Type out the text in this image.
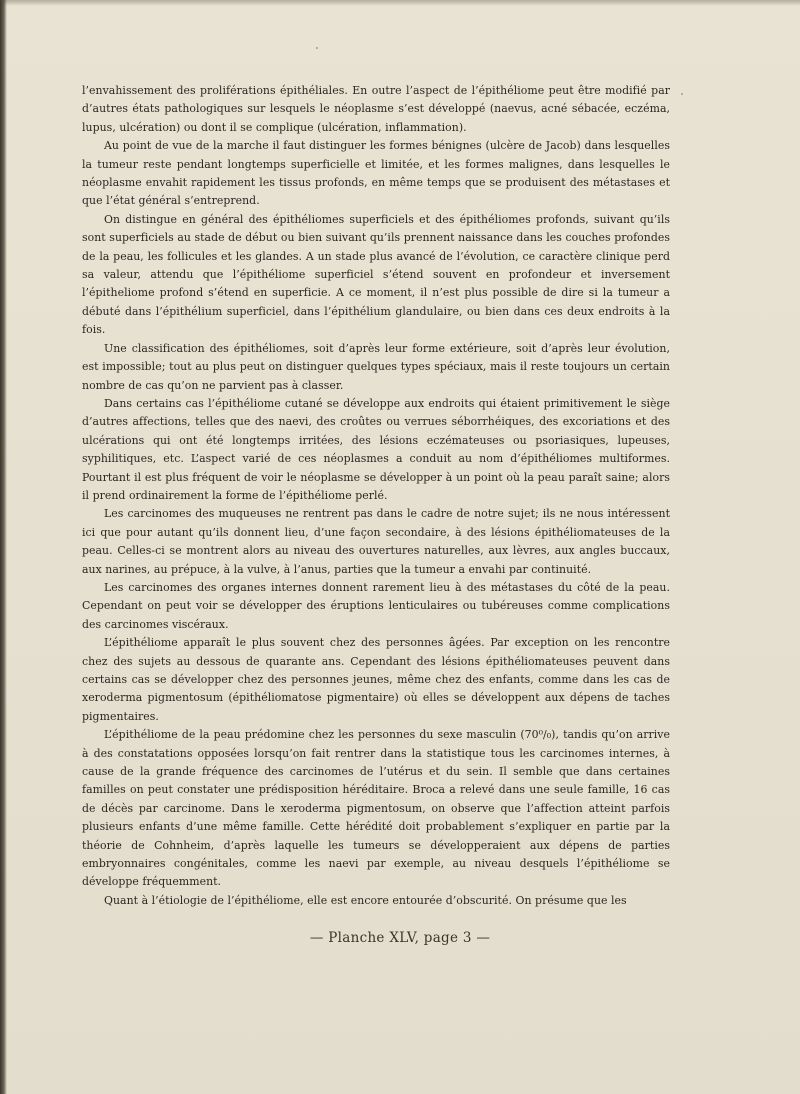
l’envahissement des proliférations épithéliales. En outre l’aspect de l’épithéliome peut être modifié par d’autres états pathologiques sur lesquels le néoplasme s’est développé (naevus, acné sébacée, eczéma, lupus, ulcération) ou dont il se complique (ulcération, inflammation).

Au point de vue de la marche il faut distinguer les formes bénignes (ulcère de Jacob) dans lesquelles la tumeur reste pendant longtemps superficielle et limitée, et les formes malignes, dans lesquelles le néoplasme envahit rapidement les tissus profonds, en même temps que se produisent des métastases et que l’état général s’entreprend.

On distingue en général des épithéliomes superficiels et des épithéliomes profonds, suivant qu’ils sont superficiels au stade de début ou bien suivant qu’ils prennent naissance dans les couches profondes de la peau, les follicules et les glandes. A un stade plus avancé de l’évolution, ce caractère clinique perd sa valeur, attendu que l’épithéliome superficiel s’étend souvent en profondeur et inversement l’épitheliome profond s’étend en superficie. A ce moment, il n’est plus possible de dire si la tumeur a débuté dans l’épithélium superficiel, dans l’épithélium glandulaire, ou bien dans ces deux endroits à la fois.

Une classification des épithéliomes, soit d’après leur forme extérieure, soit d’après leur évolution, est impossible; tout au plus peut on distinguer quelques types spéciaux, mais il reste toujours un certain nombre de cas qu’on ne parvient pas à classer.

Dans certains cas l’épithéliome cutané se développe aux endroits qui étaient primitivement le siège d’autres affections, telles que des naevi, des croûtes ou verrues séborrhéiques, des excoriations et des ulcérations qui ont été longtemps irritées, des lésions eczémateuses ou psoriasiques, lupeuses, syphilitiques, etc. L’aspect varié de ces néoplasmes a conduit au nom d’épithéliomes multiformes. Pourtant il est plus fréquent de voir le néoplasme se développer à un point où la peau paraît saine; alors il prend ordinairement la forme de l’épithéliome perlé.

Les carcinomes des muqueuses ne rentrent pas dans le cadre de notre sujet; ils ne nous intéressent ici que pour autant qu’ils donnent lieu, d’une façon secondaire, à des lésions épithéliomateuses de la peau. Celles-ci se montrent alors au niveau des ouvertures naturelles, aux lèvres, aux angles buccaux, aux narines, au prépuce, à la vulve, à l’anus, parties que la tumeur a envahi par continuité.

Les carcinomes des organes internes donnent rarement lieu à des métastases du côté de la peau. Cependant on peut voir se développer des éruptions lenticulaires ou tubéreuses comme complications des carcinomes viscéraux.

L’épithéliome apparaît le plus souvent chez des personnes âgées. Par exception on les rencontre chez des sujets au dessous de quarante ans. Cependant des lésions épithéliomateuses peuvent dans certains cas se développer chez des personnes jeunes, même chez des enfants, comme dans les cas de xeroderma pigmentosum (épithéliomatose pigmentaire) où elles se développent aux dépens de taches pigmentaires.

L’épithéliome de la peau prédomine chez les personnes du sexe masculin (70⁰/₀), tandis qu’on arrive à des constatations opposées lorsqu’on fait rentrer dans la statistique tous les carcinomes internes, à cause de la grande fréquence des carcinomes de l’utérus et du sein. Il semble que dans certaines familles on peut constater une prédisposition héréditaire. Broca a relevé dans une seule famille, 16 cas de décès par carcinome. Dans le xeroderma pigmentosum, on observe que l’affection atteint parfois plusieurs enfants d’une même famille. Cette hérédité doit probablement s’expliquer en partie par la théorie de Cohnheim, d’après laquelle les tumeurs se développeraient aux dépens de parties embryonnaires congénitales, comme les naevi par exemple, au niveau desquels l’épithéliome se développe fréquemment.

Quant à l’étiologie de l’épithéliome, elle est encore entourée d’obscurité. On présume que les

— Planche XLV, page 3 —
